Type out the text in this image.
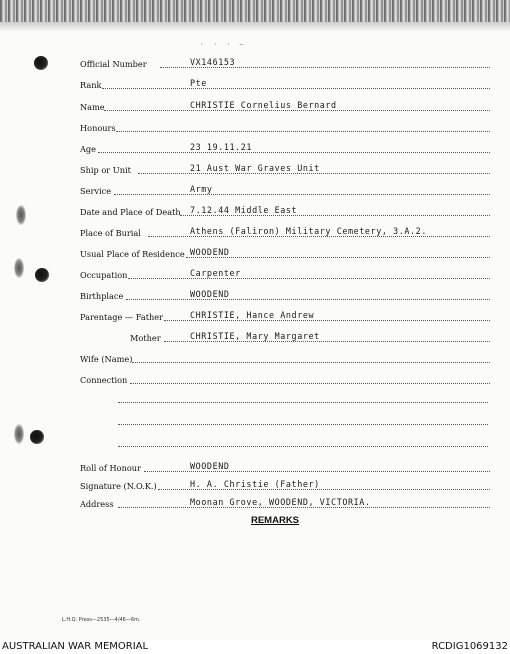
· · · —
Official Number	VX146153
Rank	Pte
Name	CHRISTIE Cornelius Bernard
Honours
Age	23 19.11.21
Ship or Unit	21 Aust War Graves Unit
Service	Army
Date and Place of Death 7.12.44 Middle East
Place of Burial	Athens (Faliron) Military Cemetery, 3.A.2.
Usual Place of Residence WOODEND
Occupation	Carpenter
Birthplace	WOODEND
Parentage — Father	CHRISTIE, Hance Andrew
Mother	CHRISTIE, Mary Margaret
Wife (Name)
Connection
Roll of Honour	WOODEND
Signature (N.O.K.)	H. A. Christie (Father)
Address	Moonan Grove, WOODEND, VICTORIA.
REMARKS
L.H.Q. Press—2535—4/46—6m.
AUSTRALIAN WAR MEMORIAL	RCDIG1069132
